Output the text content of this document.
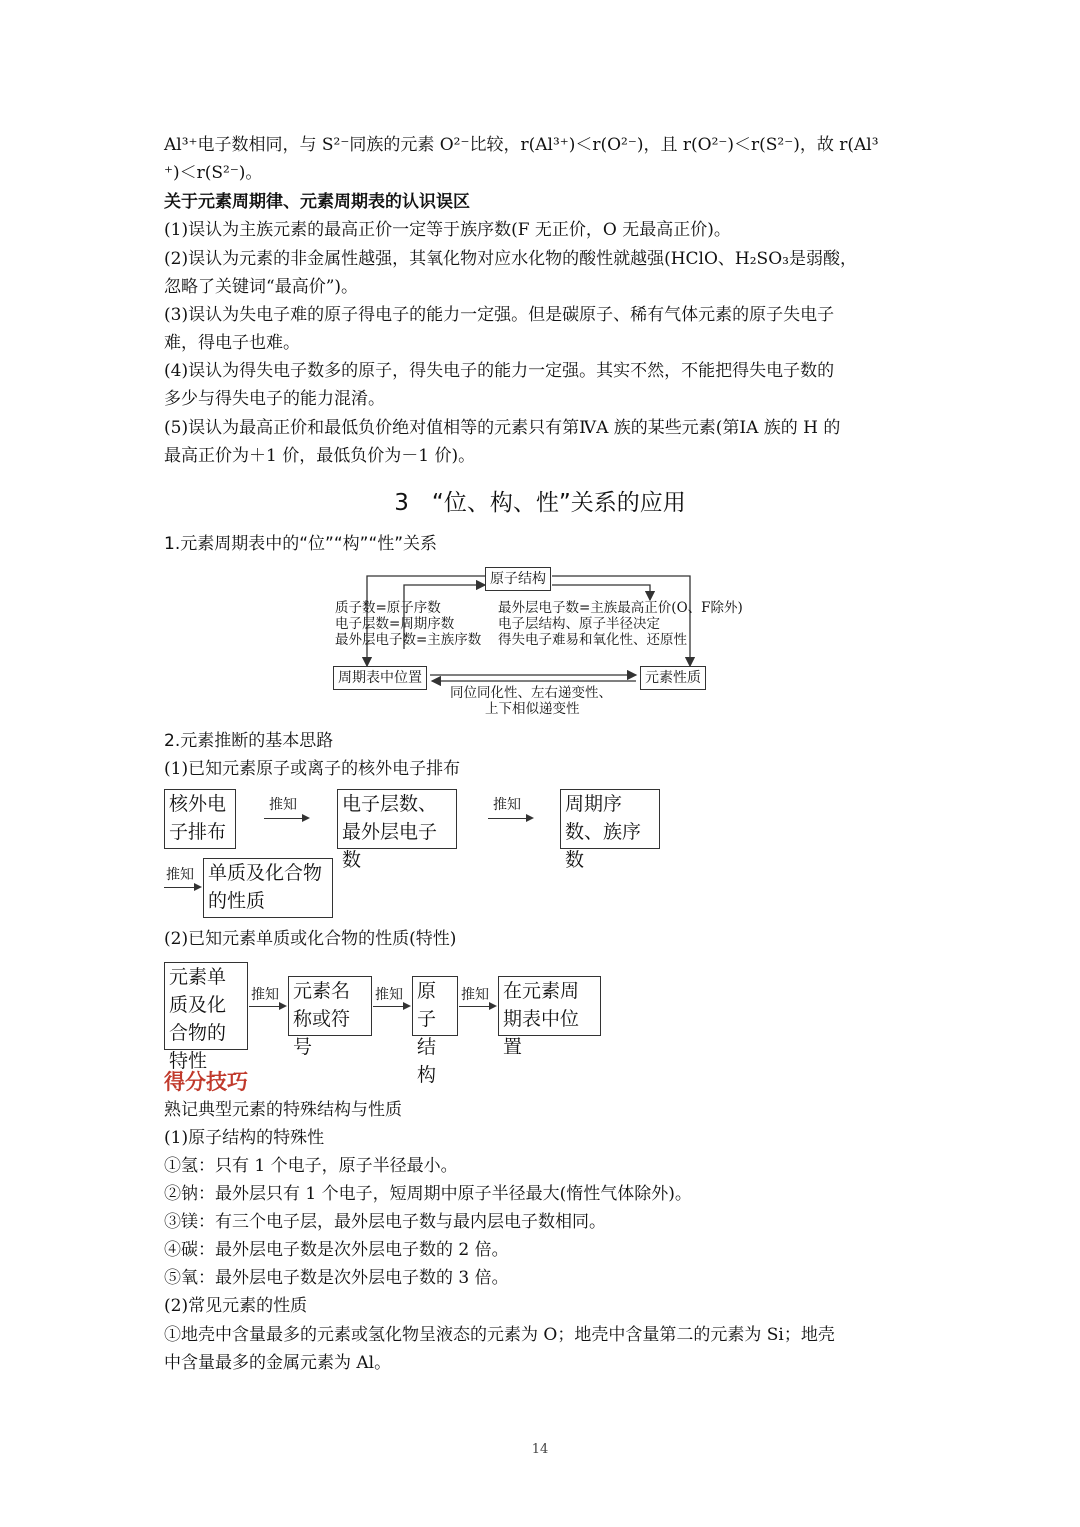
Al³⁺电子数相同，与 S²⁻同族的元素 O²⁻比较，r(Al³⁺)＜r(O²⁻)，且 r(O²⁻)＜r(S²⁻)，故 r(Al³
⁺)＜r(S²⁻)。
关于元素周期律、元素周期表的认识误区
(1)误认为主族元素的最高正价一定等于族序数(F 无正价，O 无最高正价)。
(2)误认为元素的非金属性越强，其氧化物对应水化物的酸性就越强(HClO、H₂SO₃是弱酸，
忽略了关键词“最高价”)。
(3)误认为失电子难的原子得电子的能力一定强。但是碳原子、稀有气体元素的原子失电子
难，得电子也难。
(4)误认为得失电子数多的原子，得失电子的能力一定强。其实不然，不能把得失电子数的
多少与得失电子的能力混淆。
(5)误认为最高正价和最低负价绝对值相等的元素只有第ⅣA 族的某些元素(第ⅠA 族的 H 的
最高正价为＋1 价，最低负价为－1 价)。
3　“位、构、性”关系的应用
1.元素周期表中的“位”“构”“性”关系
原子结构
质子数=原子序数
电子层数=周期序数
最外层电子数=主族序数
最外层电子数=主族最高正价(O、F除外)
电子层结构、原子半径决定
得失电子难易和氧化性、还原性
周期表中位置	元素性质
同位同化性、左右递变性、
上下相似递变性
2.元素推断的基本思路
(1)已知元素原子或离子的核外电子排布
核外电子排布
推知 电子层数、最外层电子数
推知 周期序数、族序数
推知 单质及化合物的性质
(2)已知元素单质或化合物的性质(特性)
元素单质及化合物的特性
推知 元素名称或符号
推知 原子结构
推知 在元素周期表中位置
得分技巧
熟记典型元素的特殊结构与性质
(1)原子结构的特殊性
①氢：只有 1 个电子，原子半径最小。
②钠：最外层只有 1 个电子，短周期中原子半径最大(惰性气体除外)。
③镁：有三个电子层，最外层电子数与最内层电子数相同。
④碳：最外层电子数是次外层电子数的 2 倍。
⑤氧：最外层电子数是次外层电子数的 3 倍。
(2)常见元素的性质
①地壳中含量最多的元素或氢化物呈液态的元素为 O；地壳中含量第二的元素为 Si；地壳
中含量最多的金属元素为 Al。
14
